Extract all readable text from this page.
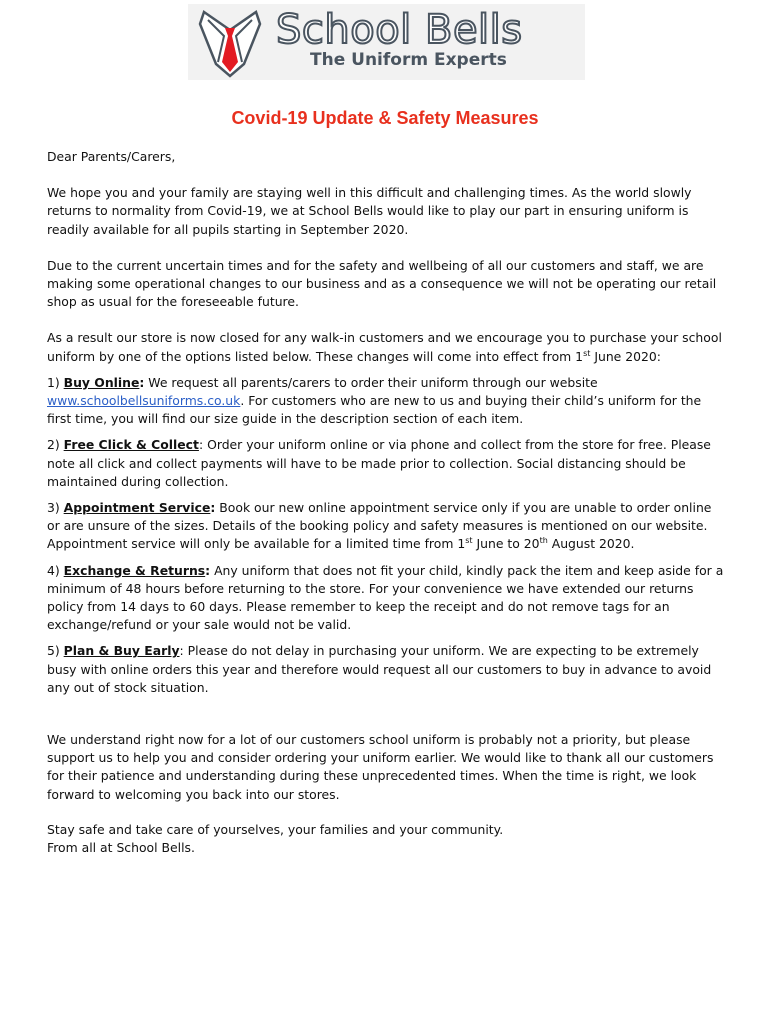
School Bells
The Uniform Experts
Covid-19 Update & Safety Measures

Dear Parents/Carers,

We hope you and your family are staying well in this difficult and challenging times. As the world slowly returns to normality from Covid-19, we at School Bells would like to play our part in ensuring uniform is readily available for all pupils starting in September 2020.

Due to the current uncertain times and for the safety and wellbeing of all our customers and staff, we are making some operational changes to our business and as a consequence we will not be operating our retail shop as usual for the foreseeable future.

As a result our store is now closed for any walk-in customers and we encourage you to purchase your school uniform by one of the options listed below. These changes will come into effect from 1st June 2020:

1) Buy Online: We request all parents/carers to order their uniform through our website www.schoolbellsuniforms.co.uk. For customers who are new to us and buying their child’s uniform for the first time, you will find our size guide in the description section of each item.

2) Free Click & Collect: Order your uniform online or via phone and collect from the store for free. Please note all click and collect payments will have to be made prior to collection. Social distancing should be maintained during collection.

3) Appointment Service: Book our new online appointment service only if you are unable to order online or are unsure of the sizes. Details of the booking policy and safety measures is mentioned on our website. Appointment service will only be available for a limited time from 1st June to 20th August 2020.

4) Exchange & Returns: Any uniform that does not fit your child, kindly pack the item and keep aside for a minimum of 48 hours before returning to the store. For your convenience we have extended our returns policy from 14 days to 60 days. Please remember to keep the receipt and do not remove tags for an exchange/refund or your sale would not be valid.

5) Plan & Buy Early: Please do not delay in purchasing your uniform. We are expecting to be extremely busy with online orders this year and therefore would request all our customers to buy in advance to avoid any out of stock situation.

We understand right now for a lot of our customers school uniform is probably not a priority, but please support us to help you and consider ordering your uniform earlier. We would like to thank all our customers for their patience and understanding during these unprecedented times. When the time is right, we look forward to welcoming you back into our stores.

Stay safe and take care of yourselves, your families and your community.

From all at School Bells.
